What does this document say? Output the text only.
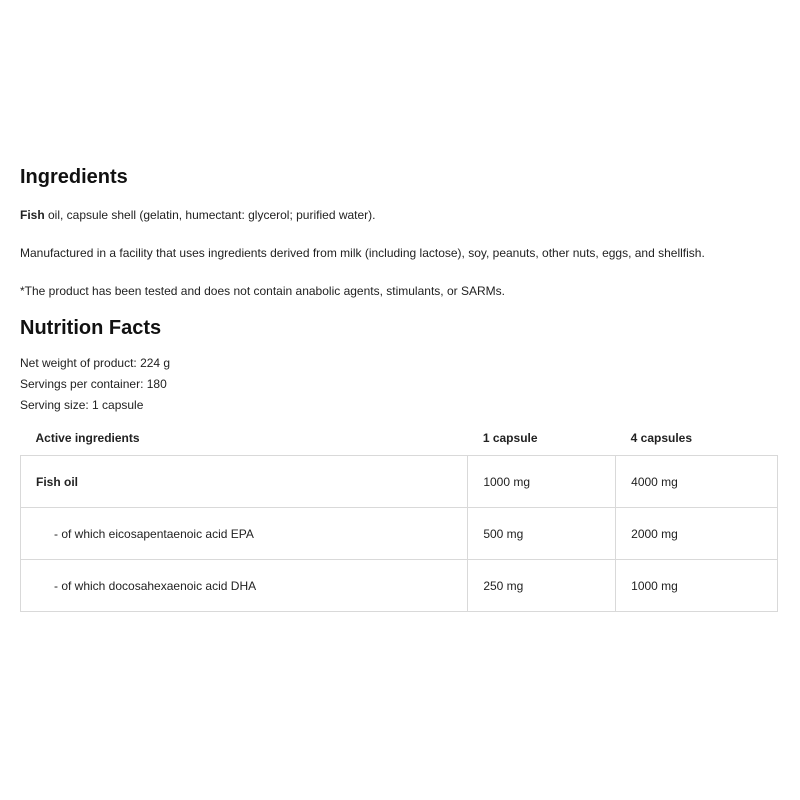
Ingredients

Fish oil, capsule shell (gelatin, humectant: glycerol; purified water).

Manufactured in a facility that uses ingredients derived from milk (including lactose), soy, peanuts, other nuts, eggs, and shellfish.

*The product has been tested and does not contain anabolic agents, stimulants, or SARMs.

Nutrition Facts
Net weight of product: 224 g
Servings per container: 180
Serving size: 1 capsule
Active ingredients	1 capsule	4 capsules
Fish oil	1000 mg	4000 mg
- of which eicosapentaenoic acid EPA	500 mg	2000 mg
- of which docosahexaenoic acid DHA	250 mg	1000 mg
